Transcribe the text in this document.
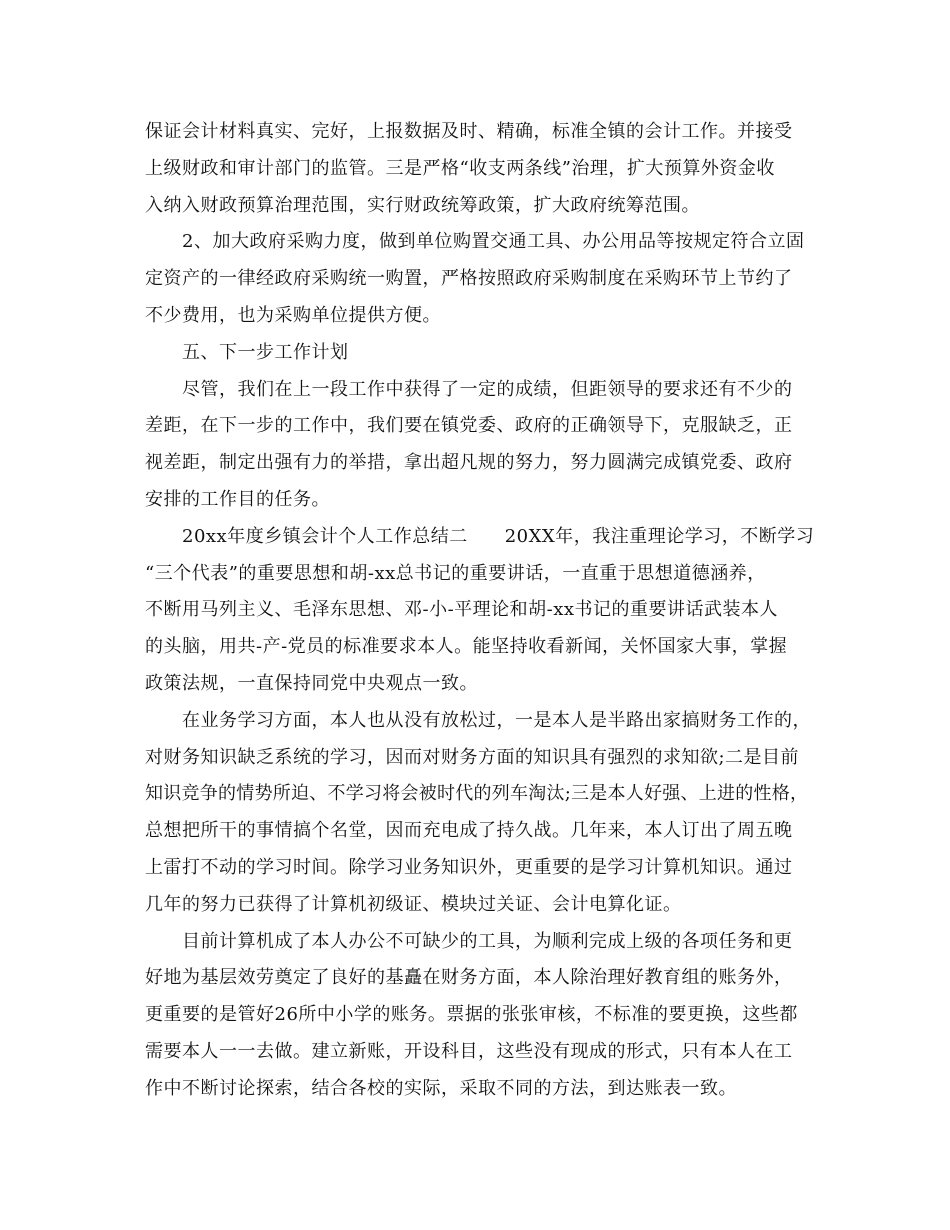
保证会计材料真实、完好，上报数据及时、精确，标准全镇的会计工作。并接受
上级财政和审计部门的监管。三是严格“收支两条线”治理，扩大预算外资金收
入纳入财政预算治理范围，实行财政统筹政策，扩大政府统筹范围。
2、加大政府采购力度，做到单位购置交通工具、办公用品等按规定符合立固
定资产的一律经政府采购统一购置，严格按照政府采购制度在采购环节上节约了
不少费用，也为采购单位提供方便。
五、下一步工作计划
尽管，我们在上一段工作中获得了一定的成绩，但距领导的要求还有不少的
差距，在下一步的工作中，我们要在镇党委、政府的正确领导下，克服缺乏，正
视差距，制定出强有力的举措，拿出超凡规的努力，努力圆满完成镇党委、政府
安排的工作目的任务。
20xx年度乡镇会计个人工作总结二　　20XX年，我注重理论学习，不断学习
“三个代表”的重要思想和胡-xx总书记的重要讲话，一直重于思想道德涵养，
不断用马列主义、毛泽东思想、邓-小-平理论和胡-xx书记的重要讲话武装本人
的头脑，用共-产-党员的标准要求本人。能坚持收看新闻，关怀国家大事，掌握
政策法规，一直保持同党中央观点一致。
在业务学习方面，本人也从没有放松过，一是本人是半路出家搞财务工作的，
对财务知识缺乏系统的学习，因而对财务方面的知识具有强烈的求知欲;二是目前
知识竞争的情势所迫、不学习将会被时代的列车淘汰;三是本人好强、上进的性格，
总想把所干的事情搞个名堂，因而充电成了持久战。几年来，本人订出了周五晚
上雷打不动的学习时间。除学习业务知识外，更重要的是学习计算机知识。通过
几年的努力已获得了计算机初级证、模块过关证、会计电算化证。
目前计算机成了本人办公不可缺少的工具，为顺利完成上级的各项任务和更
好地为基层效劳奠定了良好的基矗在财务方面，本人除治理好教育组的账务外，
更重要的是管好26所中小学的账务。票据的张张审核，不标准的要更换，这些都
需要本人一一去做。建立新账，开设科目，这些没有现成的形式，只有本人在工
作中不断讨论探索，结合各校的实际，采取不同的方法，到达账表一致。
